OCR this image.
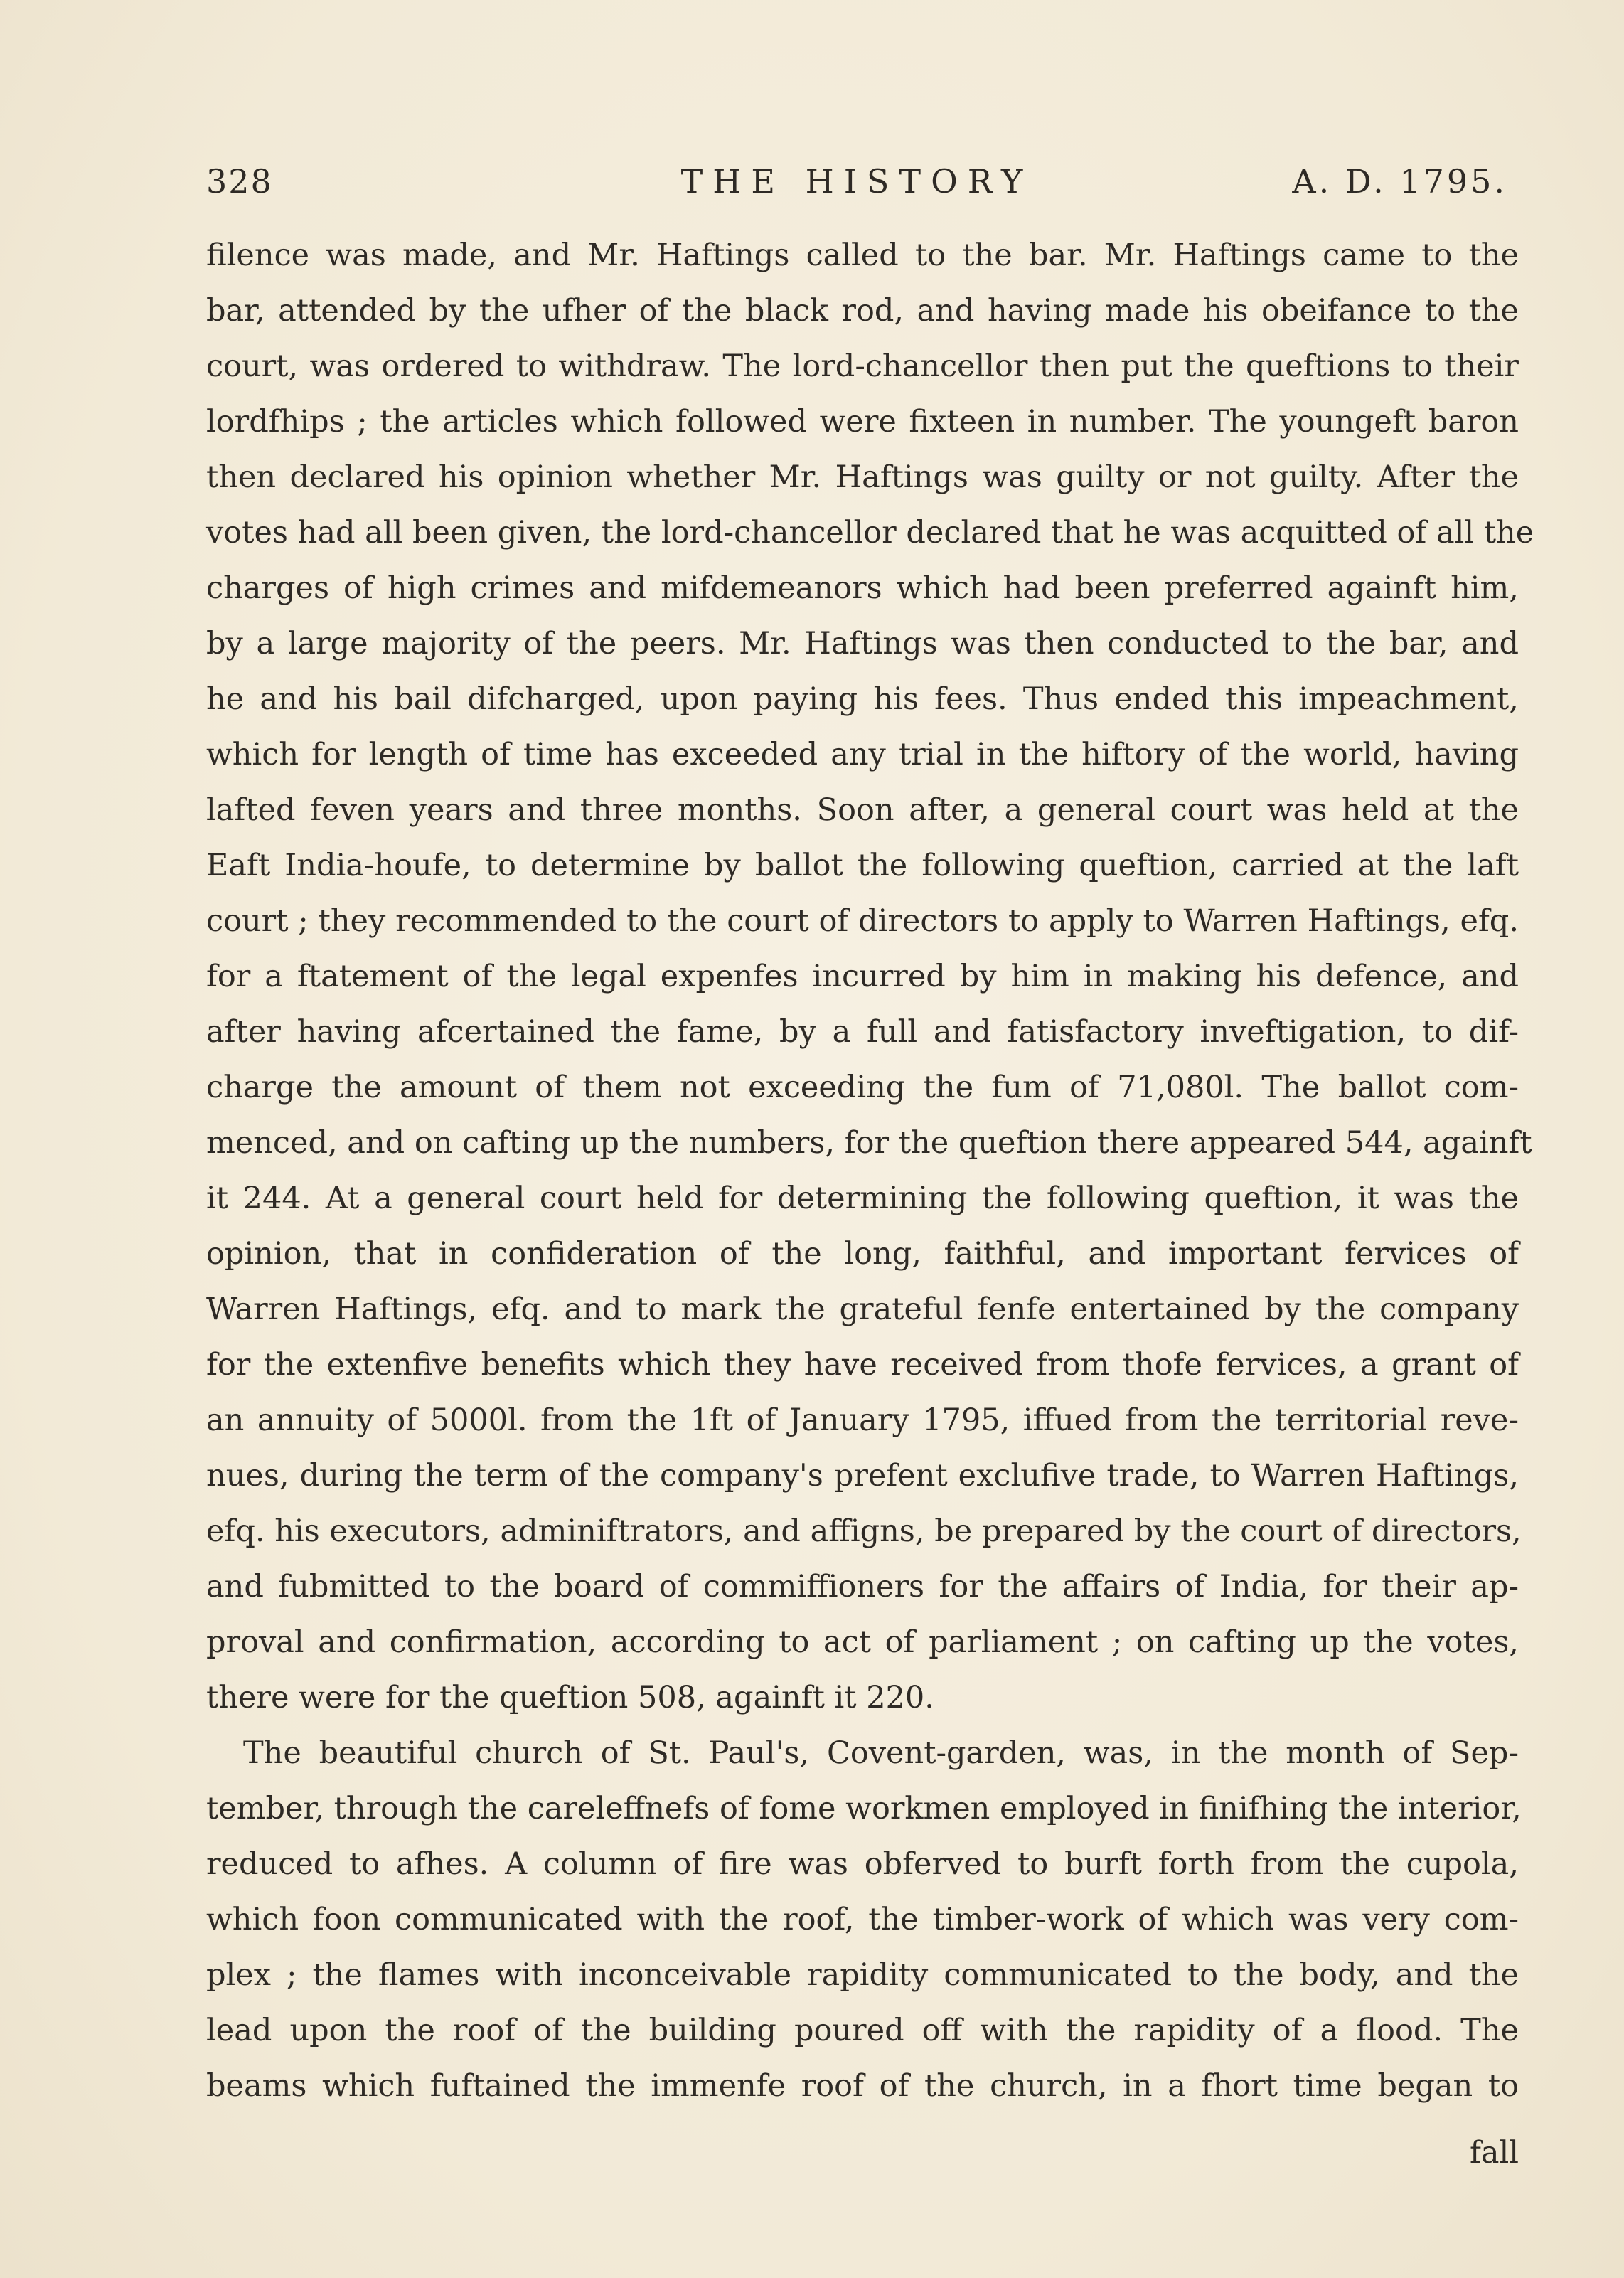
328	THE HISTORY	A. D. 1795.
filence was made, and Mr. Haftings called to the bar. Mr. Haftings came to the
bar, attended by the ufher of the black rod, and having made his obeifance to the
court, was ordered to withdraw. The lord-chancellor then put the queftions to their
lordfhips ; the articles which followed were fixteen in number. The youngeft baron
then declared his opinion whether Mr. Haftings was guilty or not guilty. After the
votes had all been given, the lord-chancellor declared that he was acquitted of all the
charges of high crimes and mifdemeanors which had been preferred againft him,
by a large majority of the peers. Mr. Haftings was then conducted to the bar, and
he and his bail difcharged, upon paying his fees. Thus ended this impeachment,
which for length of time has exceeded any trial in the hiftory of the world, having
lafted feven years and three months. Soon after, a general court was held at the
Eaft India-houfe, to determine by ballot the following queftion, carried at the laft
court ; they recommended to the court of directors to apply to Warren Haftings, efq.
for a ftatement of the legal expenfes incurred by him in making his defence, and
after having afcertained the fame, by a full and fatisfactory inveftigation, to dif-
charge the amount of them not exceeding the fum of 71,080l. The ballot com-
menced, and on cafting up the numbers, for the queftion there appeared 544, againft
it 244. At a general court held for determining the following queftion, it was the
opinion, that in confideration of the long, faithful, and important fervices of
Warren Haftings, efq. and to mark the grateful fenfe entertained by the company
for the extenfive benefits which they have received from thofe fervices, a grant of
an annuity of 5000l. from the 1ft of January 1795, iffued from the territorial reve-
nues, during the term of the company's prefent exclufive trade, to Warren Haftings,
efq. his executors, adminiftrators, and affigns, be prepared by the court of directors,
and fubmitted to the board of commiffioners for the affairs of India, for their ap-
proval and confirmation, according to act of parliament ; on cafting up the votes,
there were for the queftion 508, againft it 220.
The beautiful church of St. Paul's, Covent-garden, was, in the month of Sep-
tember, through the careleffnefs of fome workmen employed in finifhing the interior,
reduced to afhes. A column of fire was obferved to burft forth from the cupola,
which foon communicated with the roof, the timber-work of which was very com-
plex ; the flames with inconceivable rapidity communicated to the body, and the
lead upon the roof of the building poured off with the rapidity of a flood. The
beams which fuftained the immenfe roof of the church, in a fhort time began to
fall
